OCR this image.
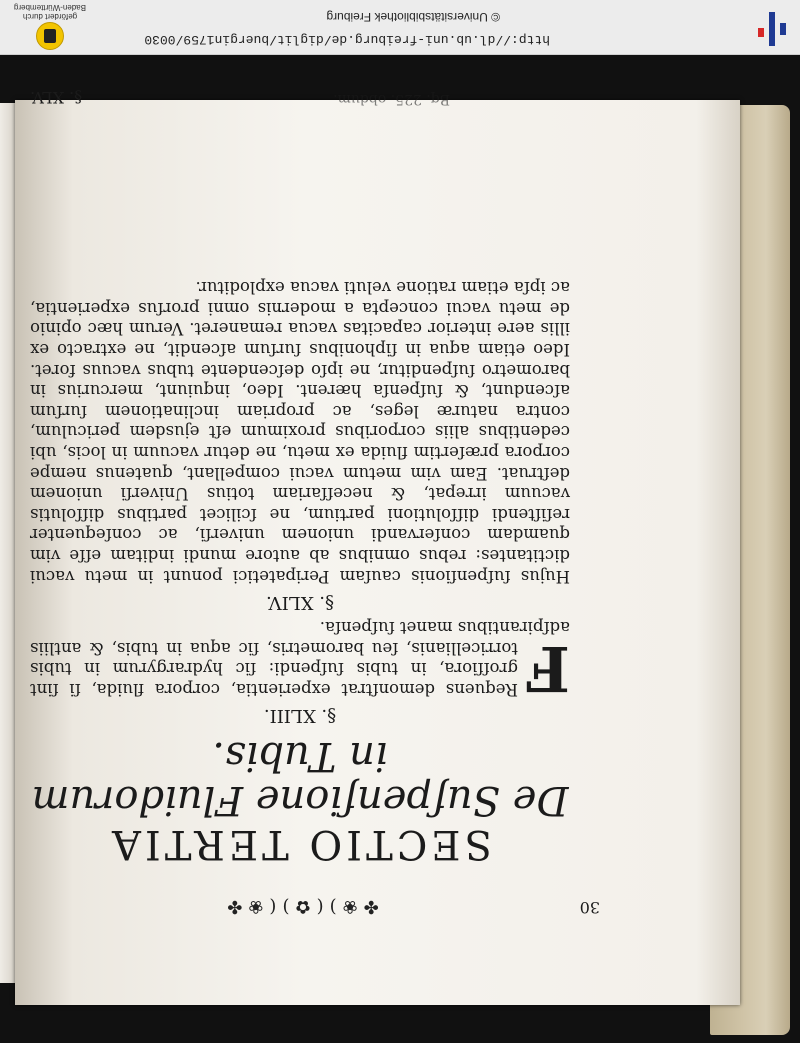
30
✤❀)(✿)(❀✤
SECTIO TERTIA
De Suſpenſione Fluidorum
in Tubis.
§. XLIII.

F
Requens demonſtrat experientia, corpora fluida, ſi ſint groſſiora, in tubis ſuſpendi: ſic hydrargyrum in tubis torricellianis, ſeu barometris, ſic aqua in tubis, & antliis adſpirantibus manet ſuſpenſa.

§. XLIV.

Hujus ſuſpenſionis cauſam Peripatetici ponunt in metu vacui dictitantes: rebus omnibus ab autore mundi inditam eſſe vim quamdam conſervandi unionem univerſi, ac conſequenter reſiſtendi diſſolutioni partium, ne ſcilicet partibus diſſolutis vacuum irrepat, & neceſſariam totius Univerſi unionem deſtruat. Eam vim metum vacui compellant, quatenus nempe corpora præſertim fluida ex metu, ne detur vacuum in locis, ubi cedentibus aliis corporibus proximum eſt ejusdem periculum, contra naturæ leges, ac propriam inclinationem ſurſum aſcendunt, & ſuſpenſa hærent. Ideo, inquiunt, mercurius in barometro ſuſpenditur, ne ipſo deſcendente tubus vacuus foret. Ideo etiam aqua in ſiphonibus ſurſum aſcendit, ne extracto ex illis aere interior capacitas vacua remaneret. Verum hæc opinio de metu vacui concepta a modernis omni prorſus experientia, ac ipſa etiam ratione veluti vacua exploditur.

Bq. 225. obdum.
§. XLV.
http://dl.ub.uni-freiburg.de/diglit/buergin1759/0030
© Universitätsbibliothek Freiburg
gefördert durch
Baden-Württemberg
